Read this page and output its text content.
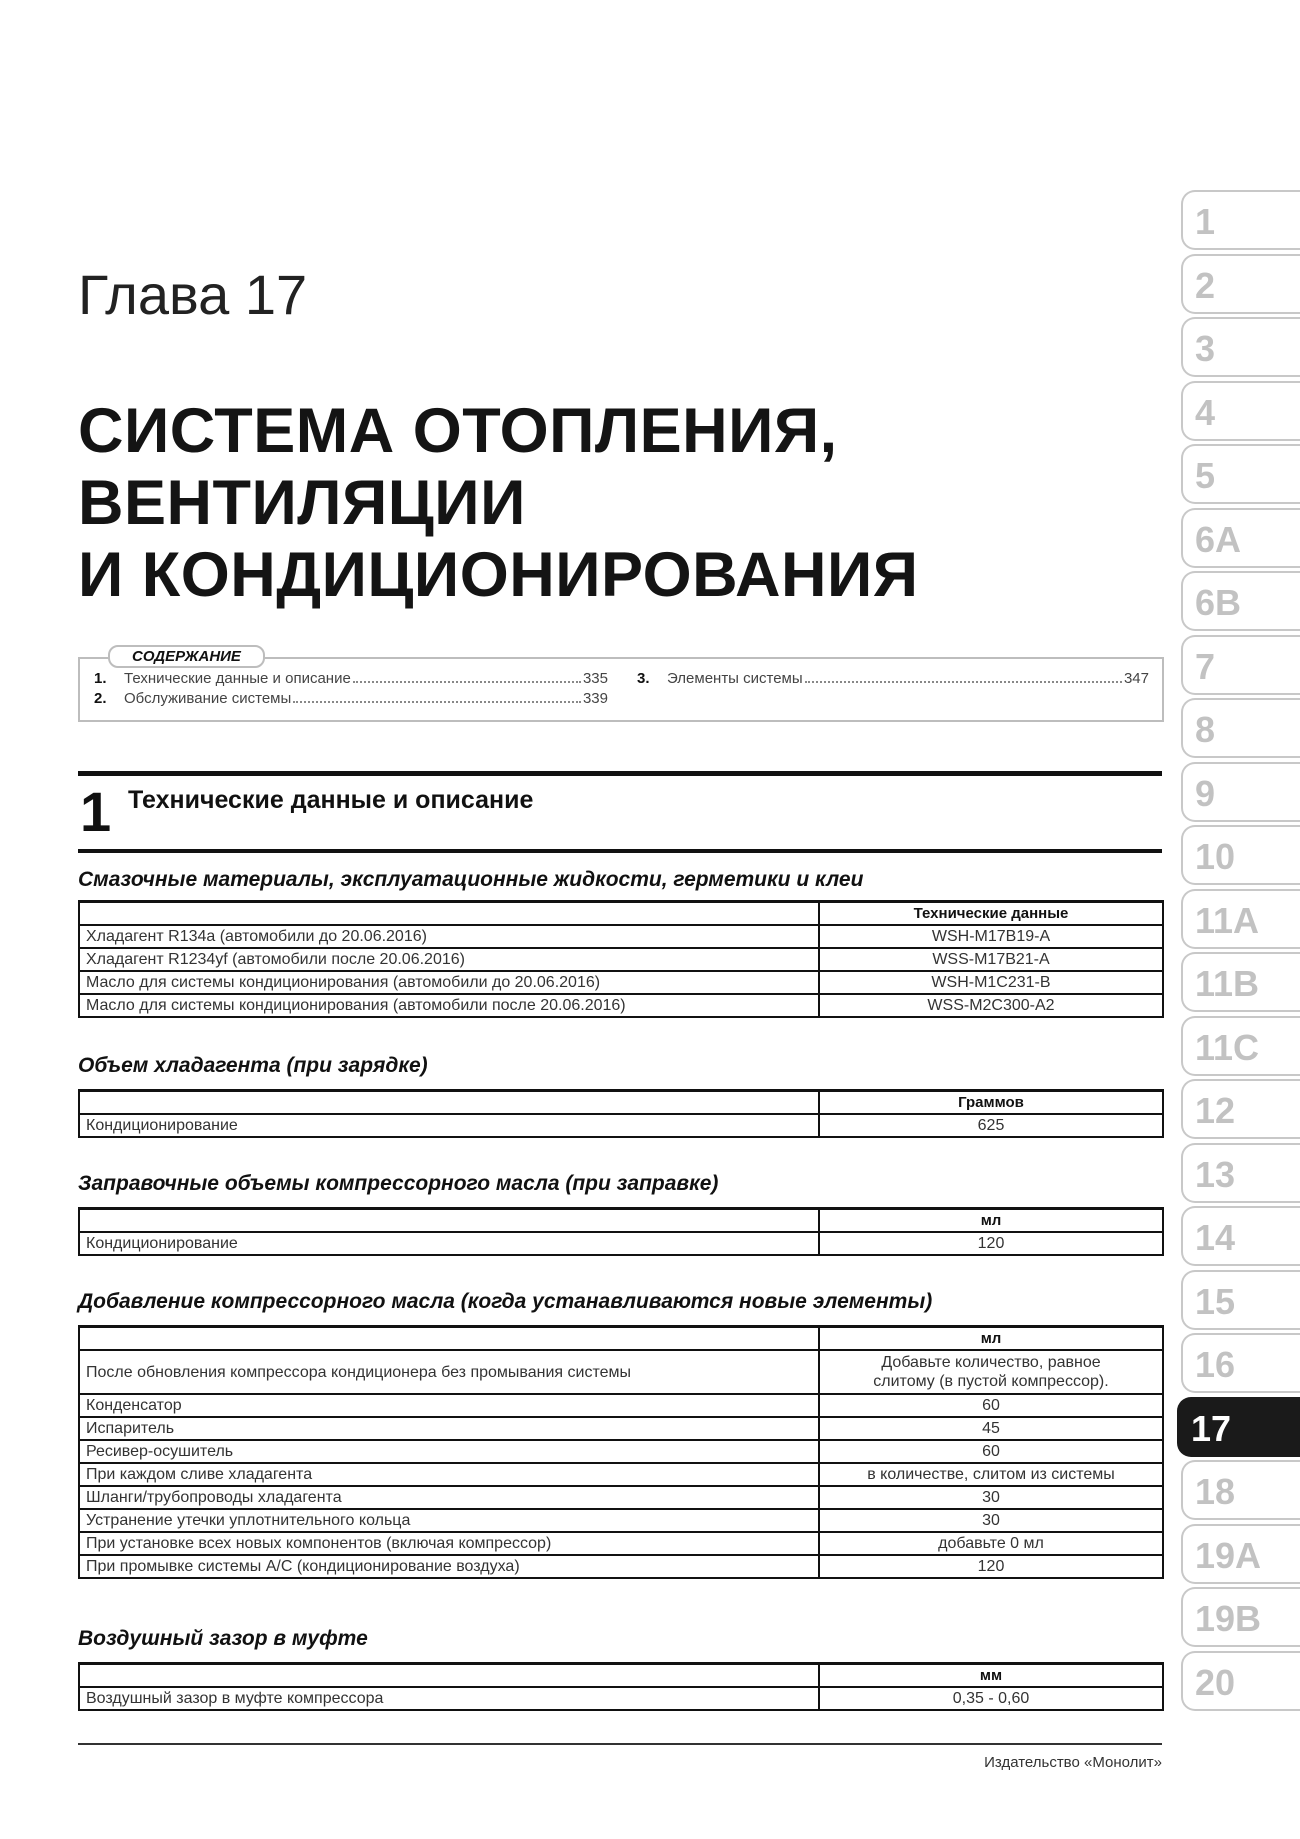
Глава 17
СИСТЕМА ОТОПЛЕНИЯ,
ВЕНТИЛЯЦИИ
И КОНДИЦИОНИРОВАНИЯ
СОДЕРЖАНИЕ
1.	Технические данные и описание	335
2.	Обслуживание системы	339
3.	Элементы системы	347
1 Технические данные и описание
Смазочные материалы, эксплуатационные жидкости, герметики и клеи
	Технические данные
Хладагент R134a (автомобили до 20.06.2016)	WSH-M17B19-A
Хладагент R1234yf (автомобили после 20.06.2016)	WSS-M17B21-A
Масло для системы кондиционирования (автомобили до 20.06.2016)	WSH-M1C231-B
Масло для системы кондиционирования (автомобили после 20.06.2016)	WSS-M2C300-A2
Объем хладагента (при зарядке)
	Граммов
Кондиционирование	625
Заправочные объемы компрессорного масла (при заправке)
	мл
Кондиционирование	120
Добавление компрессорного масла (когда устанавливаются новые элементы)
	мл
После обновления компрессора кондиционера без промывания системы	Добавьте количество, равное
слитому (в пустой компрессор).

Конденсатор	60
Испаритель	45
Ресивер-осушитель	60
При каждом сливе хладагента	в количестве, слитом из системы
Шланги/трубопроводы хладагента	30
Устранение утечки уплотнительного кольца	30
При установке всех новых компонентов (включая компрессор)	добавьте 0 мл
При промывке системы A/C (кондиционирование воздуха)	120
Воздушный зазор в муфте
	мм
Воздушный зазор в муфте компрессора	0,35 - 0,60
Издательство «Монолит»
1
2
3
4
5
6A
6B
7
8
9
10
11A
11B
11C
12
13
14
15
16
17
18
19A
19B
20
